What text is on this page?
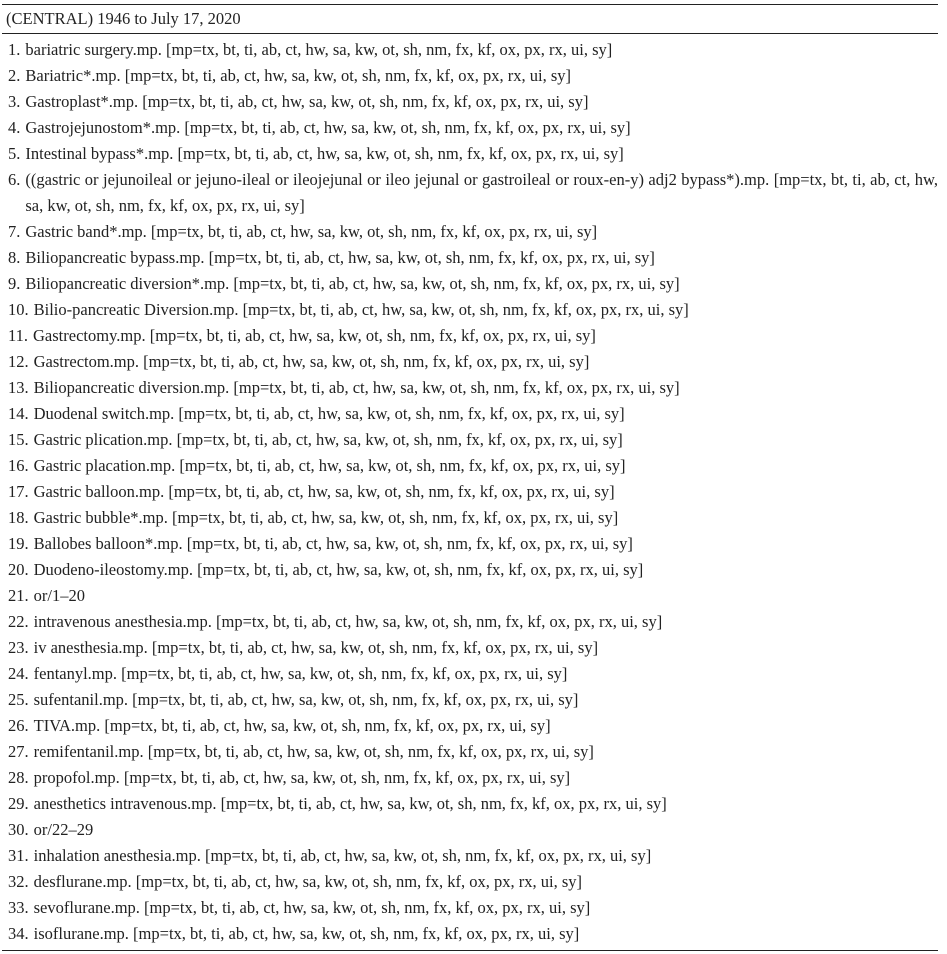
(CENTRAL) 1946 to July 17, 2020
1. bariatric surgery.mp. [mp=tx, bt, ti, ab, ct, hw, sa, kw, ot, sh, nm, fx, kf, ox, px, rx, ui, sy]
2. Bariatric*.mp. [mp=tx, bt, ti, ab, ct, hw, sa, kw, ot, sh, nm, fx, kf, ox, px, rx, ui, sy]
3. Gastroplast*.mp. [mp=tx, bt, ti, ab, ct, hw, sa, kw, ot, sh, nm, fx, kf, ox, px, rx, ui, sy]
4. Gastrojejunostom*.mp. [mp=tx, bt, ti, ab, ct, hw, sa, kw, ot, sh, nm, fx, kf, ox, px, rx, ui, sy]
5. Intestinal bypass*.mp. [mp=tx, bt, ti, ab, ct, hw, sa, kw, ot, sh, nm, fx, kf, ox, px, rx, ui, sy]
6. ((gastric or jejunoileal or jejuno-ileal or ileojejunal or ileo jejunal or gastroileal or roux-en-y) adj2 bypass*).mp. [mp=tx, bt, ti, ab, ct, hw, sa, kw, ot, sh, nm, fx, kf, ox, px, rx, ui, sy]
7. Gastric band*.mp. [mp=tx, bt, ti, ab, ct, hw, sa, kw, ot, sh, nm, fx, kf, ox, px, rx, ui, sy]
8. Biliopancreatic bypass.mp. [mp=tx, bt, ti, ab, ct, hw, sa, kw, ot, sh, nm, fx, kf, ox, px, rx, ui, sy]
9. Biliopancreatic diversion*.mp. [mp=tx, bt, ti, ab, ct, hw, sa, kw, ot, sh, nm, fx, kf, ox, px, rx, ui, sy]
10. Bilio-pancreatic Diversion.mp. [mp=tx, bt, ti, ab, ct, hw, sa, kw, ot, sh, nm, fx, kf, ox, px, rx, ui, sy]
11. Gastrectomy.mp. [mp=tx, bt, ti, ab, ct, hw, sa, kw, ot, sh, nm, fx, kf, ox, px, rx, ui, sy]
12. Gastrectom.mp. [mp=tx, bt, ti, ab, ct, hw, sa, kw, ot, sh, nm, fx, kf, ox, px, rx, ui, sy]
13. Biliopancreatic diversion.mp. [mp=tx, bt, ti, ab, ct, hw, sa, kw, ot, sh, nm, fx, kf, ox, px, rx, ui, sy]
14. Duodenal switch.mp. [mp=tx, bt, ti, ab, ct, hw, sa, kw, ot, sh, nm, fx, kf, ox, px, rx, ui, sy]
15. Gastric plication.mp. [mp=tx, bt, ti, ab, ct, hw, sa, kw, ot, sh, nm, fx, kf, ox, px, rx, ui, sy]
16. Gastric placation.mp. [mp=tx, bt, ti, ab, ct, hw, sa, kw, ot, sh, nm, fx, kf, ox, px, rx, ui, sy]
17. Gastric balloon.mp. [mp=tx, bt, ti, ab, ct, hw, sa, kw, ot, sh, nm, fx, kf, ox, px, rx, ui, sy]
18. Gastric bubble*.mp. [mp=tx, bt, ti, ab, ct, hw, sa, kw, ot, sh, nm, fx, kf, ox, px, rx, ui, sy]
19. Ballobes balloon*.mp. [mp=tx, bt, ti, ab, ct, hw, sa, kw, ot, sh, nm, fx, kf, ox, px, rx, ui, sy]
20. Duodeno-ileostomy.mp. [mp=tx, bt, ti, ab, ct, hw, sa, kw, ot, sh, nm, fx, kf, ox, px, rx, ui, sy]
21. or/1–20
22. intravenous anesthesia.mp. [mp=tx, bt, ti, ab, ct, hw, sa, kw, ot, sh, nm, fx, kf, ox, px, rx, ui, sy]
23. iv anesthesia.mp. [mp=tx, bt, ti, ab, ct, hw, sa, kw, ot, sh, nm, fx, kf, ox, px, rx, ui, sy]
24. fentanyl.mp. [mp=tx, bt, ti, ab, ct, hw, sa, kw, ot, sh, nm, fx, kf, ox, px, rx, ui, sy]
25. sufentanil.mp. [mp=tx, bt, ti, ab, ct, hw, sa, kw, ot, sh, nm, fx, kf, ox, px, rx, ui, sy]
26. TIVA.mp. [mp=tx, bt, ti, ab, ct, hw, sa, kw, ot, sh, nm, fx, kf, ox, px, rx, ui, sy]
27. remifentanil.mp. [mp=tx, bt, ti, ab, ct, hw, sa, kw, ot, sh, nm, fx, kf, ox, px, rx, ui, sy]
28. propofol.mp. [mp=tx, bt, ti, ab, ct, hw, sa, kw, ot, sh, nm, fx, kf, ox, px, rx, ui, sy]
29. anesthetics intravenous.mp. [mp=tx, bt, ti, ab, ct, hw, sa, kw, ot, sh, nm, fx, kf, ox, px, rx, ui, sy]
30. or/22–29
31. inhalation anesthesia.mp. [mp=tx, bt, ti, ab, ct, hw, sa, kw, ot, sh, nm, fx, kf, ox, px, rx, ui, sy]
32. desflurane.mp. [mp=tx, bt, ti, ab, ct, hw, sa, kw, ot, sh, nm, fx, kf, ox, px, rx, ui, sy]
33. sevoflurane.mp. [mp=tx, bt, ti, ab, ct, hw, sa, kw, ot, sh, nm, fx, kf, ox, px, rx, ui, sy]
34. isoflurane.mp. [mp=tx, bt, ti, ab, ct, hw, sa, kw, ot, sh, nm, fx, kf, ox, px, rx, ui, sy]
